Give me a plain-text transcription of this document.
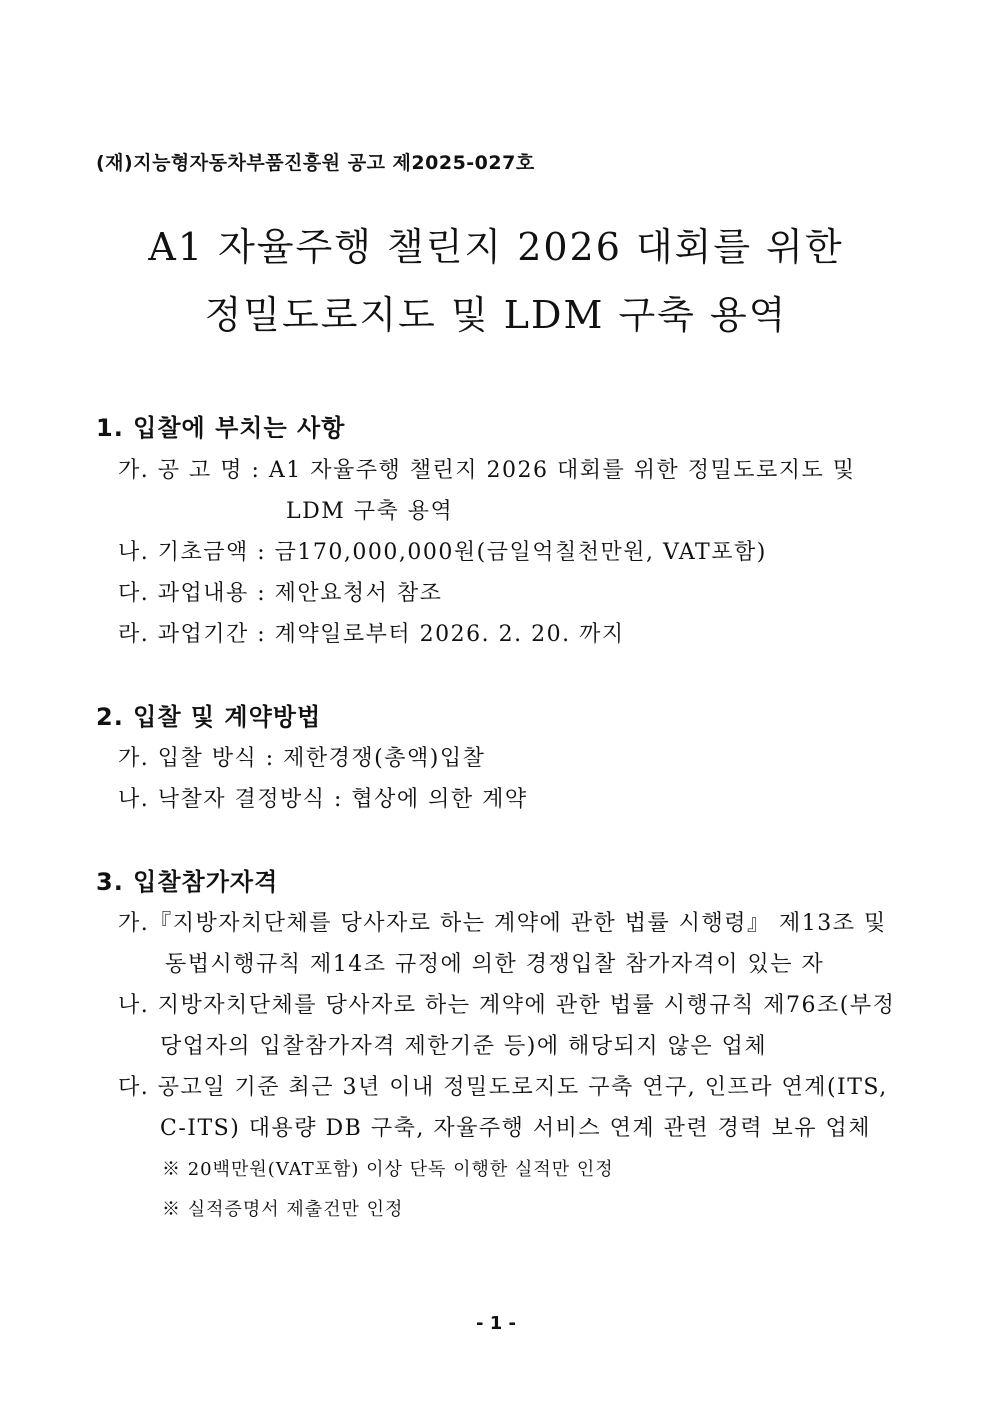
(재)지능형자동차부품진흥원 공고 제2025-027호
A1 자율주행 챌린지 2026 대회를 위한
정밀도로지도 및 LDM 구축 용역
1. 입찰에 부치는 사항
가. 공 고 명 : A1 자율주행 챌린지 2026 대회를 위한 정밀도로지도 및
LDM 구축 용역
나. 기초금액 : 금170,000,000원(금일억칠천만원, VAT포함)
다. 과업내용 : 제안요청서 참조
라. 과업기간 : 계약일로부터 2026. 2. 20. 까지
2. 입찰 및 계약방법
가. 입찰 방식 : 제한경쟁(총액)입찰
나. 낙찰자 결정방식 : 협상에 의한 계약
3. 입찰참가자격
가.『지방자치단체를 당사자로 하는 계약에 관한 법률 시행령』 제13조 및
동법시행규칙 제14조 규정에 의한 경쟁입찰 참가자격이 있는 자
나. 지방자치단체를 당사자로 하는 계약에 관한 법률 시행규칙 제76조(부정
당업자의 입찰참가자격 제한기준 등)에 해당되지 않은 업체
다. 공고일 기준 최근 3년 이내 정밀도로지도 구축 연구, 인프라 연계(ITS,
C-ITS) 대용량 DB 구축, 자율주행 서비스 연계 관련 경력 보유 업체
※ 20백만원(VAT포함) 이상 단독 이행한 실적만 인정
※ 실적증명서 제출건만 인정
- 1 -
